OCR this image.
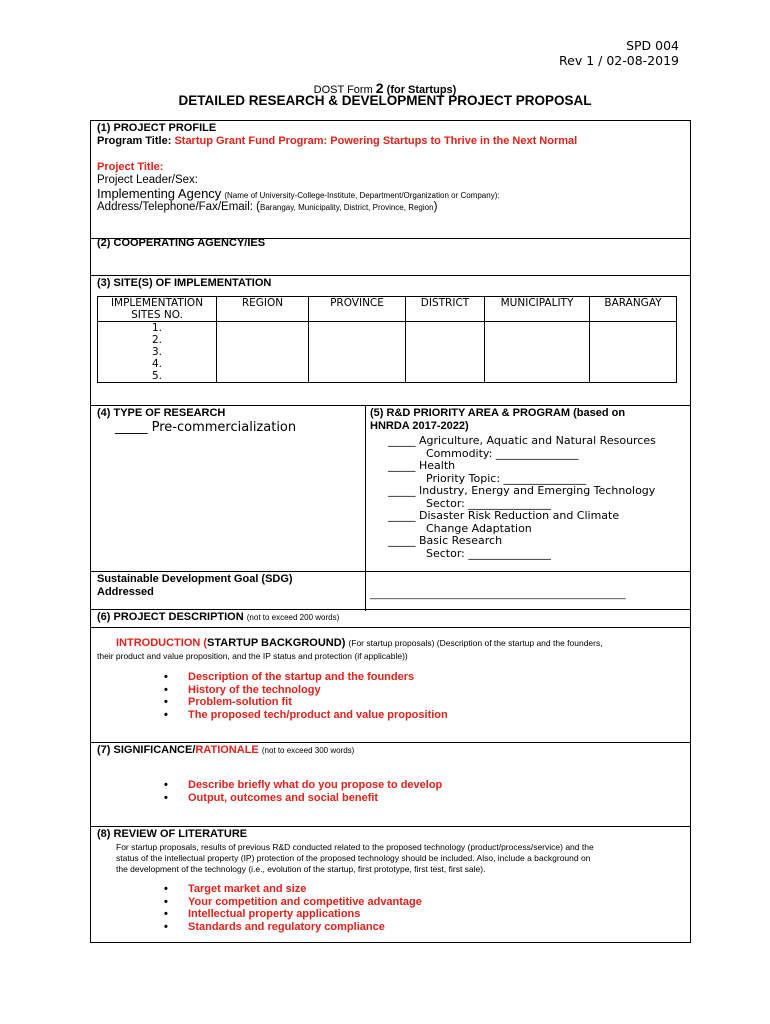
SPD 004
Rev 1 / 02-08-2019
DOST Form 2 (for Startups)
DETAILED RESEARCH & DEVELOPMENT PROJECT PROPOSAL
(1) PROJECT PROFILE
Program Title: Startup Grant Fund Program: Powering Startups to Thrive in the Next Normal
Project Title:
Project Leader/Sex:
Implementing Agency (Name of University-College-Institute, Department/Organization or Company):
Address/Telephone/Fax/Email: (Barangay, Municipality, District, Province, Region)
(2) COOPERATING AGENCY/IES
(3) SITE(S) OF IMPLEMENTATION
IMPLEMENTATION SITES NO.	REGION	PROVINCE	DISTRICT	MUNICIPALITY	BARANGAY
1.					
2.					
3.					
4.					
5.					
(4) TYPE OF RESEARCH
_____ Pre-commercialization
(5) R&D PRIORITY AREA & PROGRAM (based on
HNRDA 2017-2022)
_____ Agriculture, Aquatic and Natural Resources
Commodity: _______________
_____ Health
Priority Topic: _______________
_____ Industry, Energy and Emerging Technology
Sector: _______________
_____ Disaster Risk Reduction and Climate
Change Adaptation
_____ Basic Research
Sector: _______________
Sustainable Development Goal (SDG)
Addressed	______________________________________________
(6) PROJECT DESCRIPTION (not to exceed 200 words)
INTRODUCTION (STARTUP BACKGROUND) (For startup proposals) (Description of the startup and the founders,
their product and value proposition, and the IP status and protection (if applicable))
• Description of the startup and the founders
• History of the technology
• Problem-solution fit
• The proposed tech/product and value proposition
(7) SIGNIFICANCE/RATIONALE (not to exceed 300 words)
• Describe briefly what do you propose to develop
• Output, outcomes and social benefit
(8) REVIEW OF LITERATURE
For startup proposals, results of previous R&D conducted related to the proposed technology (product/process/service) and the
status of the intellectual property (IP) protection of the proposed technology should be included. Also, include a background on
the development of the technology (i.e., evolution of the startup, first prototype, first test, first sale).
• Target market and size
• Your competition and competitive advantage
• Intellectual property applications
• Standards and regulatory compliance
